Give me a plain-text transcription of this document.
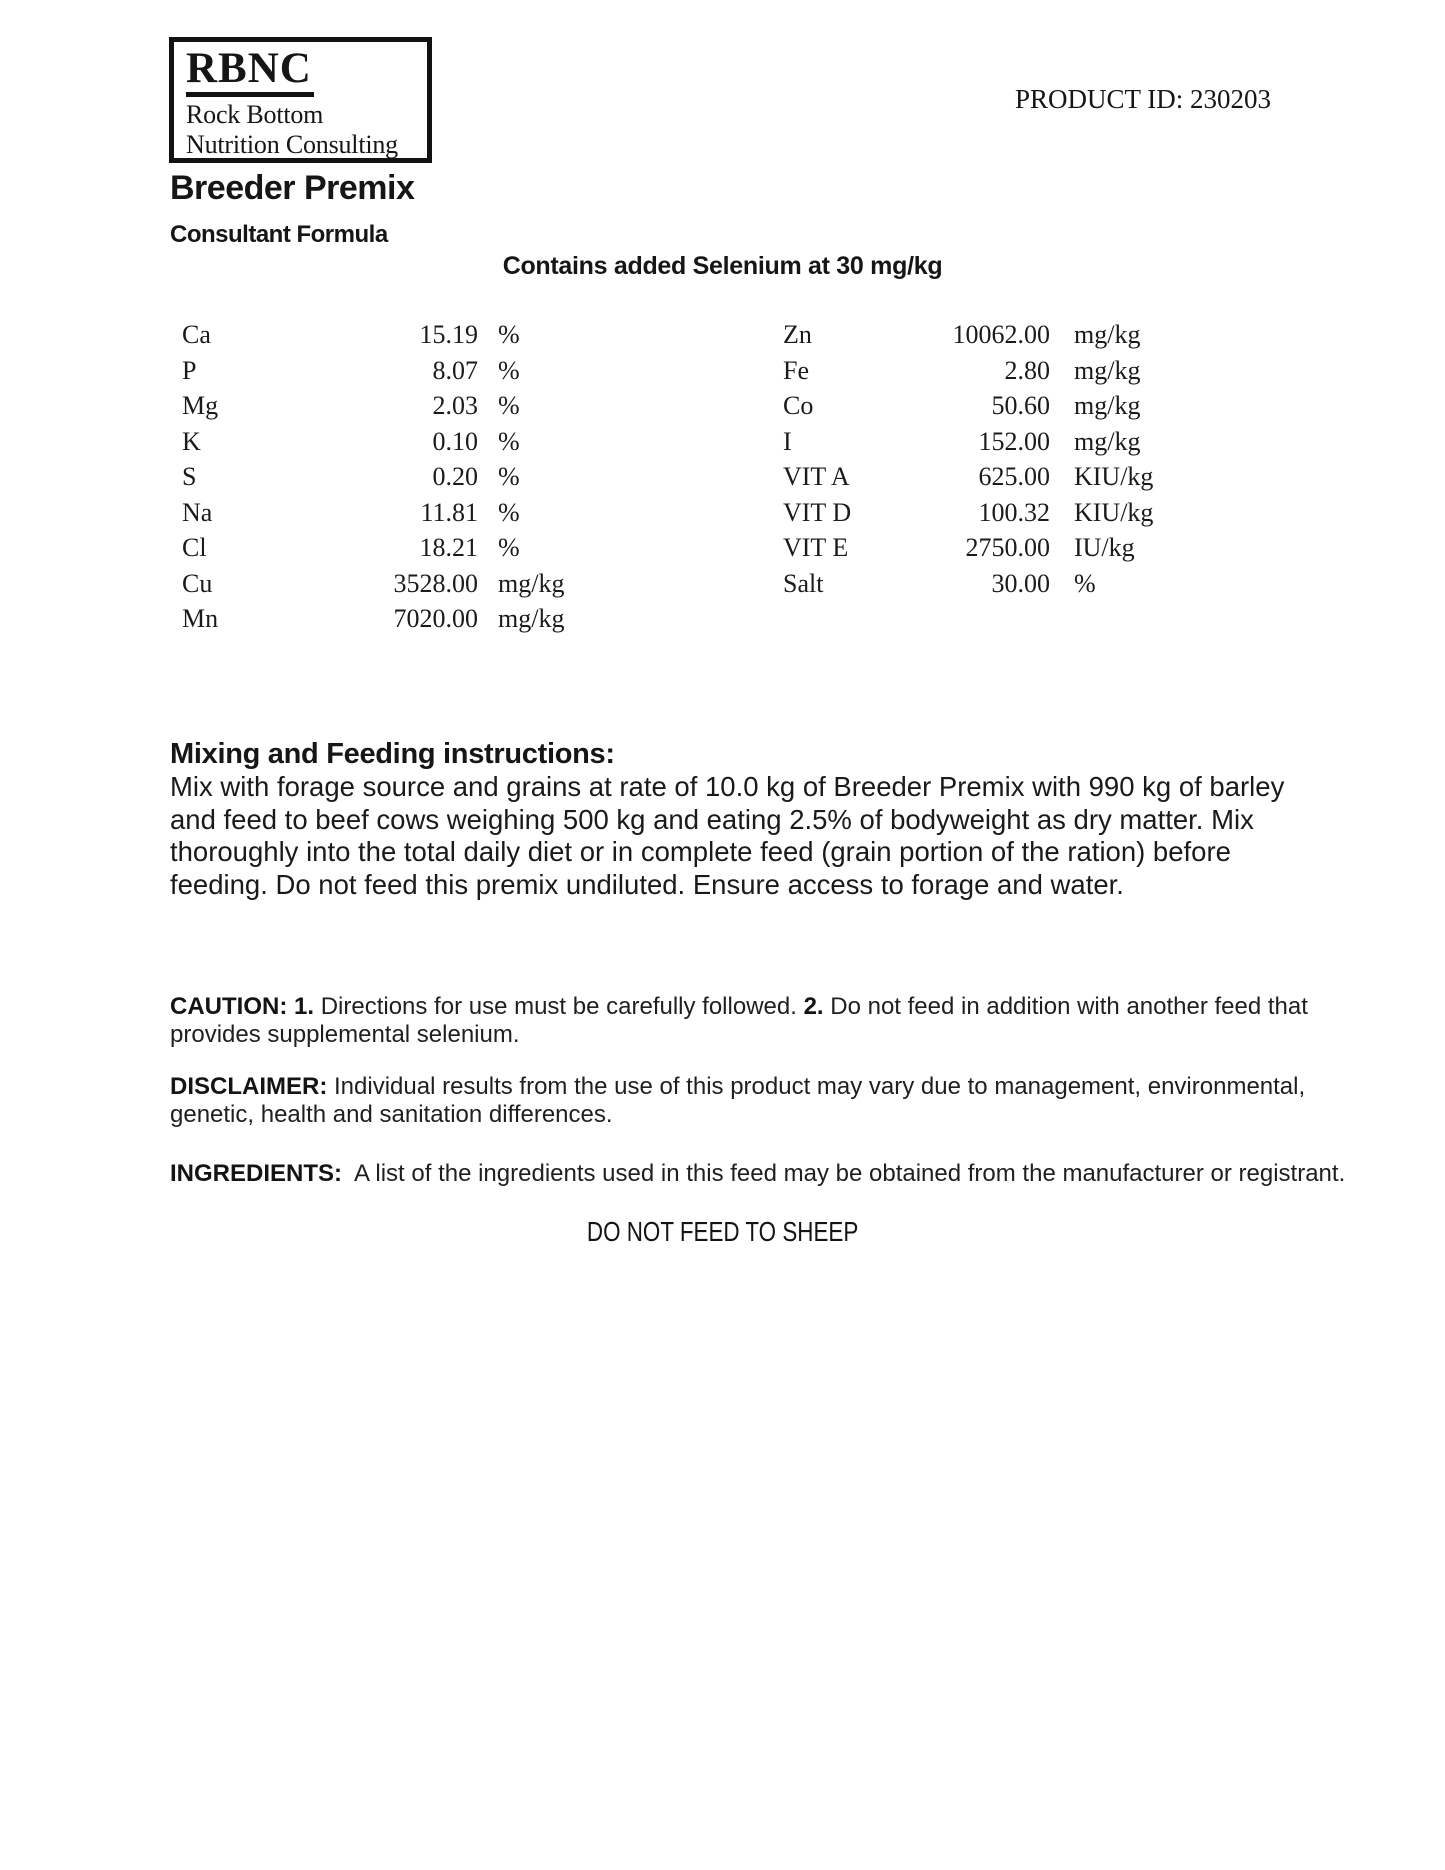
RBNC
Rock Bottom
Nutrition Consulting
PRODUCT ID: 230203
Breeder Premix
Consultant Formula
Contains added Selenium at 30 mg/kg
Ca	15.19 %
P	8.07 %
Mg	2.03 %
K	0.10 %
S	0.20 %
Na	11.81 %
Cl	18.21 %
Cu	3528.00 mg/kg
Mn	7020.00 mg/kg
Zn	10062.00 mg/kg
Fe	2.80 mg/kg
Co	50.60 mg/kg
I	152.00 mg/kg
VIT A	625.00 KIU/kg
VIT D	100.32 KIU/kg
VIT E	2750.00 IU/kg
Salt	30.00 %
Mixing and Feeding instructions:
Mix with forage source and grains at rate of 10.0 kg of Breeder Premix with 990 kg of barley and feed to beef cows weighing 500 kg and eating 2.5% of bodyweight as dry matter. Mix thoroughly into the total daily diet or in complete feed (grain portion of the ration) before feeding. Do not feed this premix undiluted. Ensure access to forage and water.

CAUTION: 1. Directions for use must be carefully followed. 2. Do not feed in addition with another feed that provides supplemental selenium.

DISCLAIMER: Individual results from the use of this product may vary due to management, environmental, genetic, health and sanitation differences.

INGREDIENTS: A list of the ingredients used in this feed may be obtained from the manufacturer or registrant.

DO NOT FEED TO SHEEP
